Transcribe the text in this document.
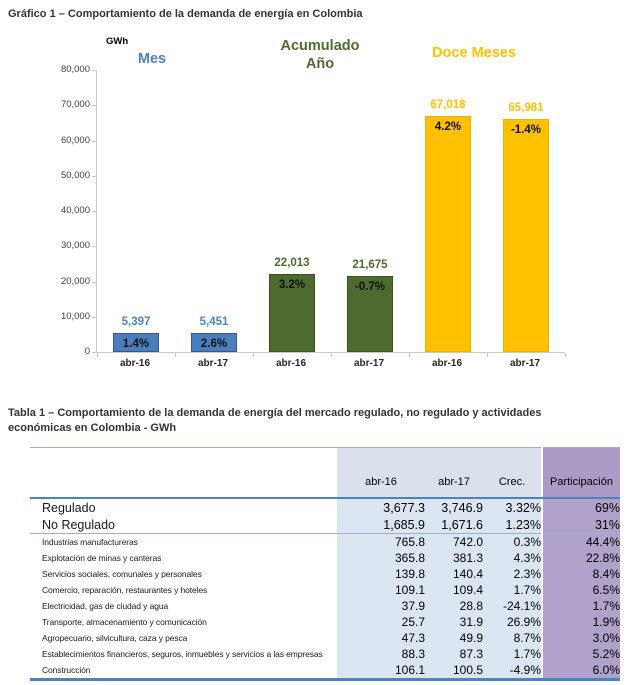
Gráfico 1 – Comportamiento de la demanda de energía en Colombia
GWh
5,397
1.4%
5,451
2.6%
22,013
3.2%
21,675
-0.7%
67,018
4.2%
65,981
-1.4%
Mes
Acumulado
Año
Doce Meses
80,000
70,000
60,000
50,000
40,000
30,000
20,000
10,000
0
abr-16	abr-17	abr-16	abr-17	abr-16	abr-17
Tabla 1 – Comportamiento de la demanda de energía del mercado regulado, no regulado y actividades económicas en Colombia - GWh
	abr-16	abr-17	Crec.	Participación
Regulado	3,677.3	3,746.9	3.32%	69%
No Regulado	1,685.9	1,671.6	1.23%	31%
Industrias manufactureras	765.8	742.0	0.3%	44.4%
Explotación de minas y canteras	365.8	381.3	4.3%	22.8%
Servicios sociales, comunales y personales	139.8	140.4	2.3%	8.4%
Comercio, reparación, restaurantes y hoteles	109.1	109.4	1.7%	6.5%
Electricidad, gas de ciudad y agua	37.9	28.8	-24.1%	1.7%
Transporte, almacenamiento y comunicación	25.7	31.9	26.9%	1.9%
Agropecuario, silvicultura, caza y pesca	47.3	49.9	8.7%	3.0%
Establecimientos financieros, seguros, inmuebles y servicios a las empresas	88.3	87.3	1.7%	5.2%
Construcción	106.1	100.5	-4.9%	6.0%
